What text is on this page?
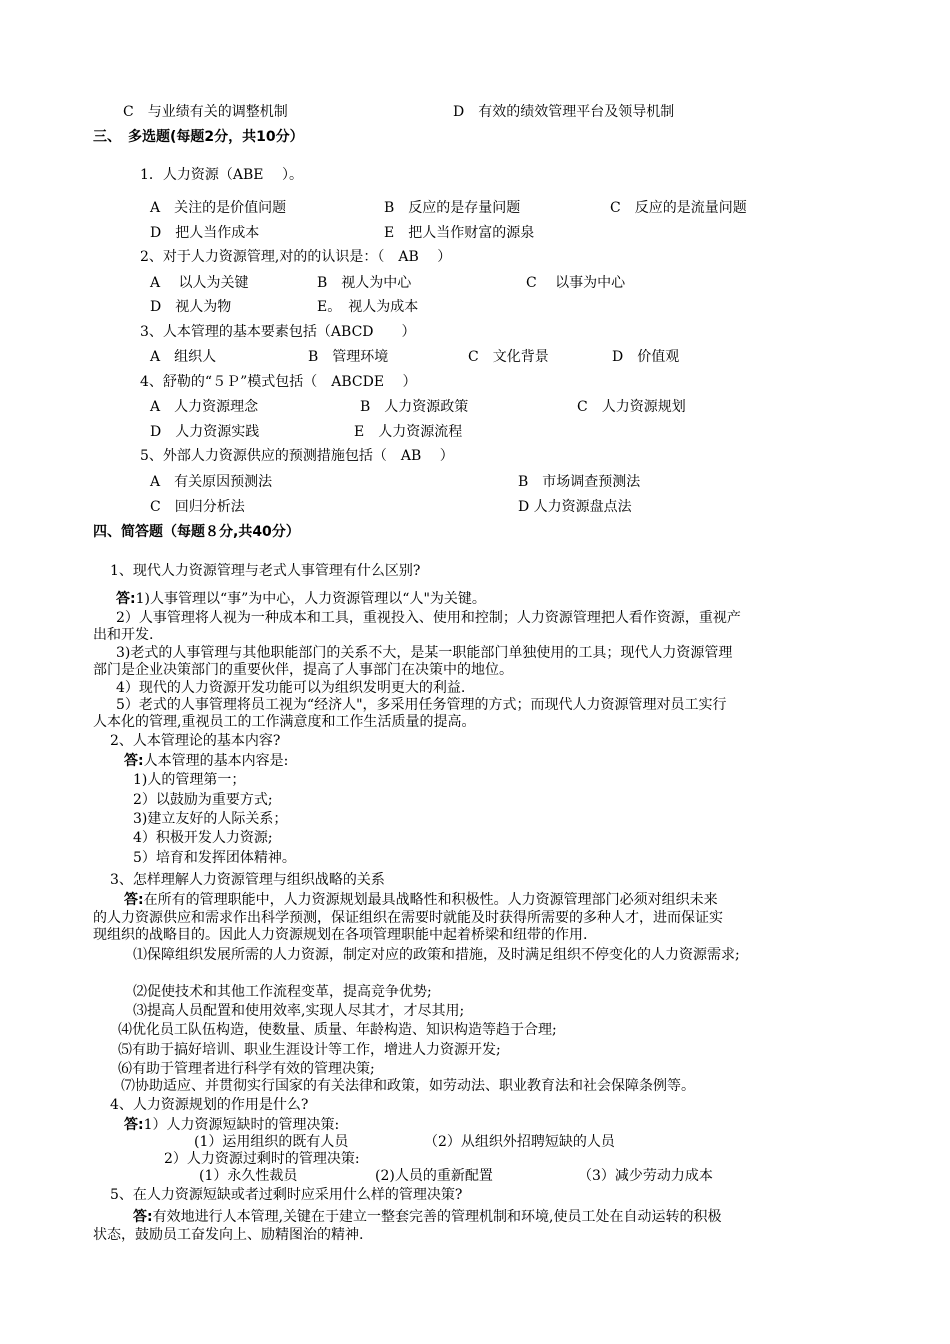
C　与业绩有关的调整机制	D　有效的绩效管理平台及领导机制
三、　多选题(每题2分，共10分）
1．人力资源（ABE　 ）。
A　关注的是价值问题	B　反应的是存量问题	C　反应的是流量问题
D　把人当作成本	E　把人当作财富的源泉
2、对于人力资源管理,对的的认识是：（　AB　 ）
A　 以人为关键	B　视人为中心	C　 以事为中心
D　视人为物	E。　视人为成本
3、人本管理的基本要素包括（ABCD　　）
A　组织人	B　管理环境	C　文化背景	D　价值观
4、舒勒的“５Ｐ”模式包括（　ABCDE　 ）
A　人力资源理念	B　人力资源政策	C　人力资源规划
D　人力资源实践	E　人力资源流程
5、外部人力资源供应的预测措施包括（　AB　 ）
A　有关原因预测法	B　市场调查预测法
C　回归分析法	D 人力资源盘点法
四、简答题（每题８分,共40分）
1、现代人力资源管理与老式人事管理有什么区别?
答:1)人事管理以“事”为中心，人力资源管理以“人"为关键。
2）人事管理将人视为一种成本和工具，重视投入、使用和控制；人力资源管理把人看作资源，重视产
出和开发.
3)老式的人事管理与其他职能部门的关系不大，是某一职能部门单独使用的工具；现代人力资源管理
部门是企业决策部门的重要伙伴，提高了人事部门在决策中的地位。
4）现代的人力资源开发功能可以为组织发明更大的利益.
5）老式的人事管理将员工视为“经济人"，多采用任务管理的方式；而现代人力资源管理对员工实行
人本化的管理,重视员工的工作满意度和工作生活质量的提高。
2、人本管理论的基本内容?
答:人本管理的基本内容是:
1)人的管理第一；
2）以鼓励为重要方式;
3)建立友好的人际关系；
4）积极开发人力资源;
5）培育和发挥团体精神。
3、怎样理解人力资源管理与组织战略的关系
答:在所有的管理职能中，人力资源规划最具战略性和积极性。人力资源管理部门必须对组织未来
的人力资源供应和需求作出科学预测，保证组织在需要时就能及时获得所需要的多种人才，进而保证实
现组织的战略目的。因此人力资源规划在各项管理职能中起着桥梁和纽带的作用.
⑴保障组织发展所需的人力资源，制定对应的政策和措施，及时满足组织不停变化的人力资源需求;
⑵促使技术和其他工作流程变革，提高竞争优势;
⑶提高人员配置和使用效率,实现人尽其才，才尽其用;
⑷优化员工队伍构造，使数量、质量、年龄构造、知识构造等趋于合理;
⑸有助于搞好培训、职业生涯设计等工作，增进人力资源开发;
⑹有助于管理者进行科学有效的管理决策;
⑺协助适应、并贯彻实行国家的有关法律和政策，如劳动法、职业教育法和社会保障条例等。
4、人力资源规划的作用是什么?
答:1）人力资源短缺时的管理决策:
(1）运用组织的既有人员	（2）从组织外招聘短缺的人员
2）人力资源过剩时的管理决策:
(1）永久性裁员	(2)人员的重新配置	（3）减少劳动力成本
5、在人力资源短缺或者过剩时应采用什么样的管理决策?
答:有效地进行人本管理,关键在于建立一整套完善的管理机制和环境,使员工处在自动运转的积极
状态，鼓励员工奋发向上、励精图治的精神.
